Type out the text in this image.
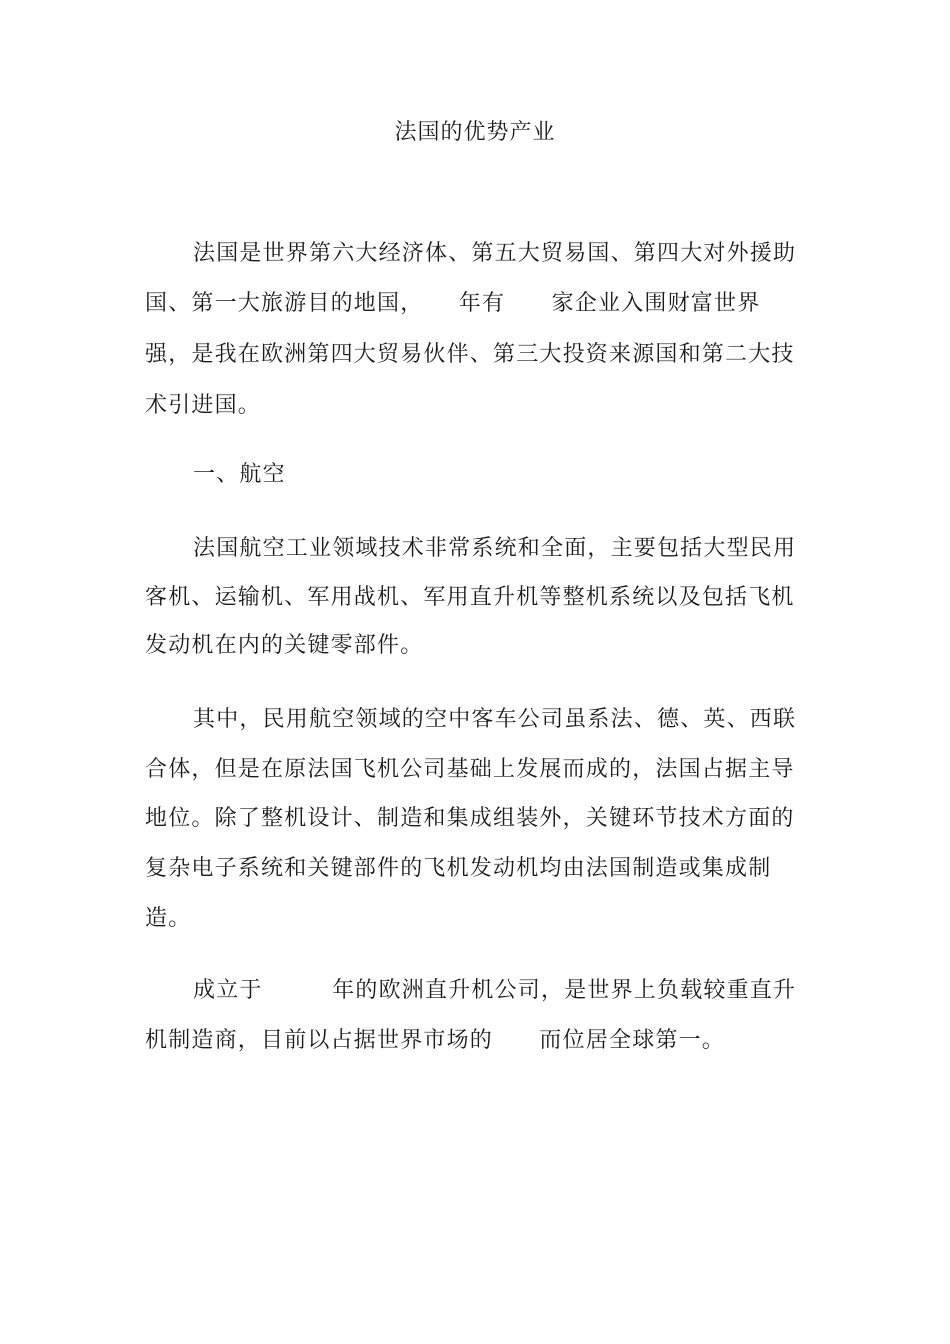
法国的优势产业
法国是世界第六大经济体、第五大贸易国、第四大对外援助
国、第一大旅游目的地国，　　年有　　家企业入围财富世界
强，是我在欧洲第四大贸易伙伴、第三大投资来源国和第二大技
术引进国。
一、航空
法国航空工业领域技术非常系统和全面，主要包括大型民用
客机、运输机、军用战机、军用直升机等整机系统以及包括飞机
发动机在内的关键零部件。
其中，民用航空领域的空中客车公司虽系法、德、英、西联
合体，但是在原法国飞机公司基础上发展而成的，法国占据主导
地位。除了整机设计、制造和集成组装外，关键环节技术方面的
复杂电子系统和关键部件的飞机发动机均由法国制造或集成制
造。
成立于　　　年的欧洲直升机公司，是世界上负载较重直升
机制造商，目前以占据世界市场的　　而位居全球第一。
